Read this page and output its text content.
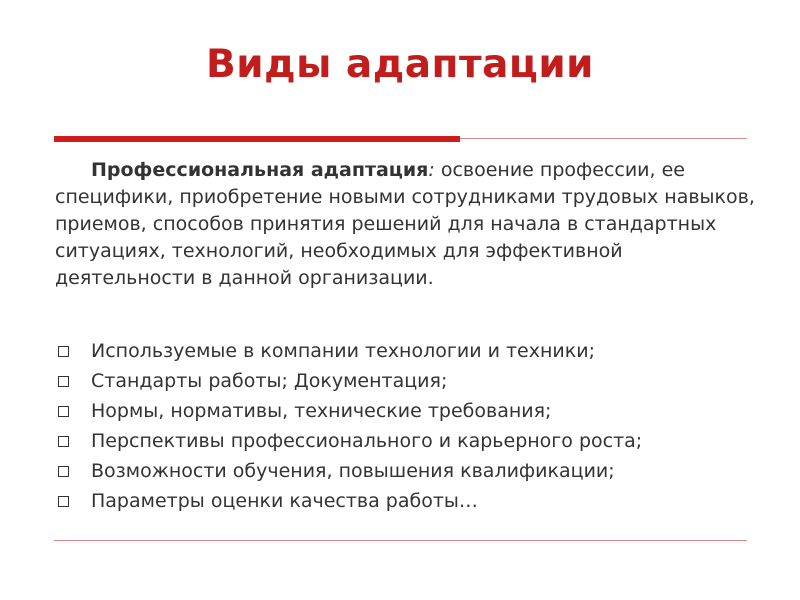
Виды адаптации
Профессиональная адаптация: освоение профессии, ее специфики, приобретение новыми сотрудниками трудовых навыков, приемов, способов принятия решений для начала в стандартных ситуациях, технологий, необходимых для эффективной деятельности в данной организации.
Используемые в компании технологии и техники;
Стандарты работы; Документация;
Нормы, нормативы, технические требования;
Перспективы профессионального и карьерного роста;
Возможности обучения, повышения квалификации;
Параметры оценки качества работы…
